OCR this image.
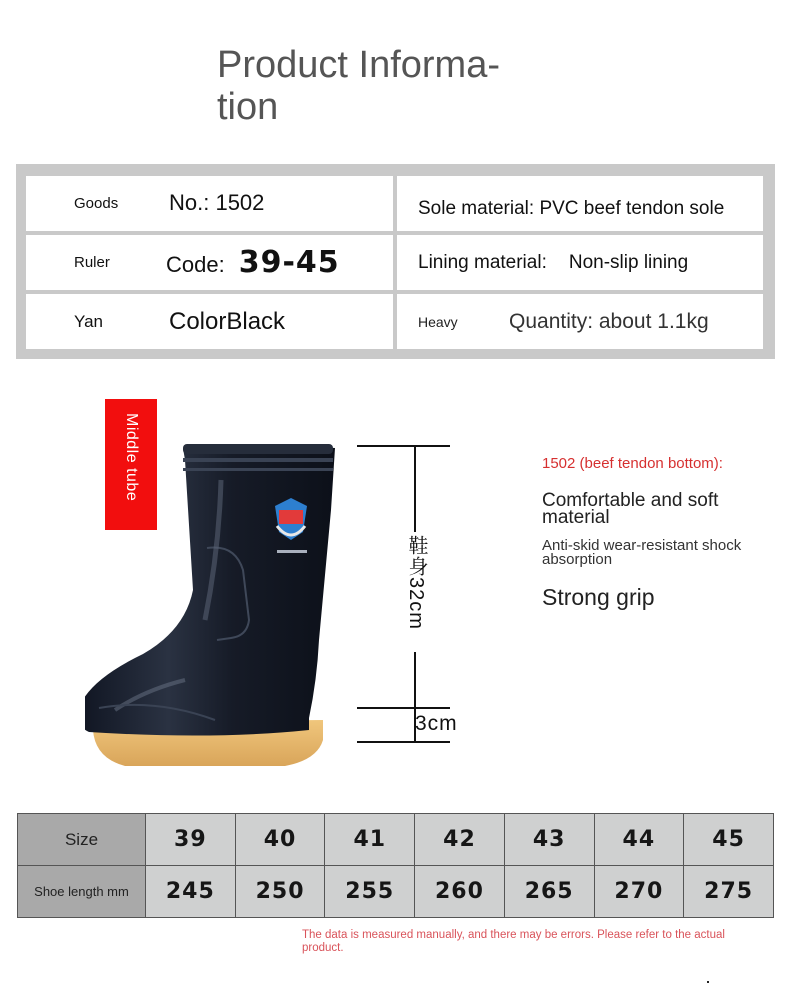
Product Informa-
tion
Goods No.: 1502	Sole material: PVC beef tendon sole
Ruler	Code: 39-45	Lining material: Non-slip lining
Yan	ColorBlack	Heavy Quantity: about 1.1kg
Middle tube
鞋身32cm
3cm
1502 (beef tendon bottom):
Comfortable and soft material
Anti-skid wear-resistant shock absorption
Strong grip
Size	39	40	41	42	43	44	45
Shoe length mm	245	250	255	260	265	270	275
The data is measured manually, and there may be errors. Please refer to the actual product.
